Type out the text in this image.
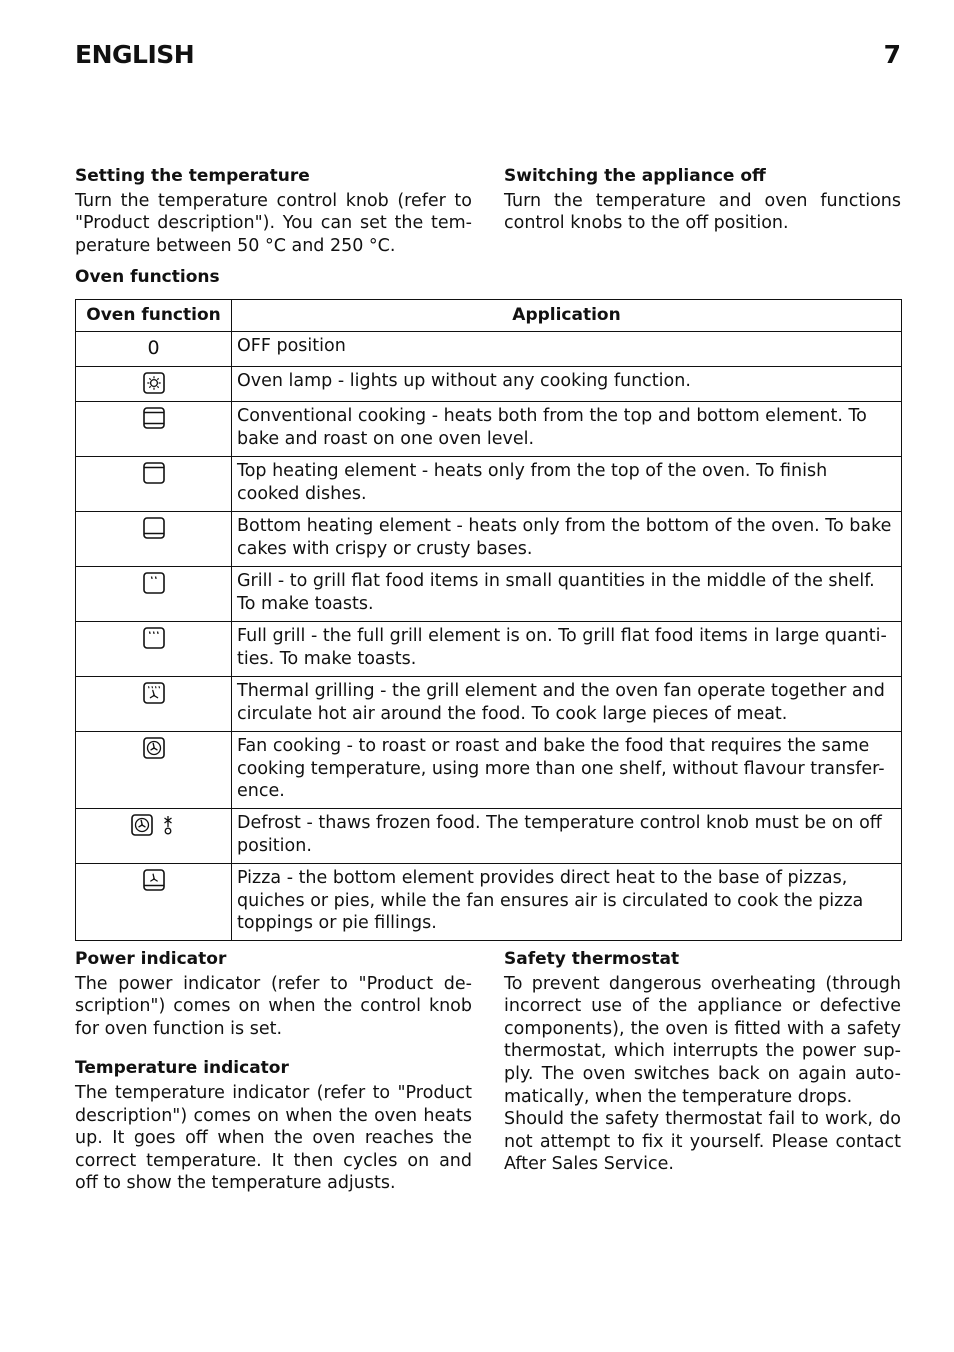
ENGLISH	7
Setting the temperature
Turn the temperature control knob (refer to "Product description"). You can set the tem-perature between 50 °C and 250 °C.
Switching the appliance off
Turn the temperature and oven functions control knobs to the off position.
Oven functions
Oven function	Application
0	OFF position
	Oven lamp - lights up without any cooking function.
	Conventional cooking - heats both from the top and bottom element. To bake and roast on one oven level.
	Top heating element - heats only from the top of the oven. To finish cooked dishes.
	Bottom heating element - heats only from the bottom of the oven. To bake cakes with crispy or crusty bases.
	Grill - to grill flat food items in small quantities in the middle of the shelf. To make toasts.
	Full grill - the full grill element is on. To grill flat food items in large quanti-ties. To make toasts.
	Thermal grilling - the grill element and the oven fan operate together and circulate hot air around the food. To cook large pieces of meat.
	Fan cooking - to roast or roast and bake the food that requires the same cooking temperature, using more than one shelf, without flavour transfer-ence.
	Defrost - thaws frozen food. The temperature control knob must be on off position.
	Pizza - the bottom element provides direct heat to the base of pizzas, quiches or pies, while the fan ensures air is circulated to cook the pizza toppings or pie fillings.
Power indicator
The power indicator (refer to "Product de-scription") comes on when the control knob for oven function is set.
Temperature indicator
The temperature indicator (refer to "Product description") comes on when the oven heats up. It goes off when the oven reaches the correct temperature. It then cycles on and off to show the temperature adjusts.
Safety thermostat
To prevent dangerous overheating (through incorrect use of the appliance or defective components), the oven is fitted with a safety thermostat, which interrupts the power sup-ply. The oven switches back on again auto-matically, when the temperature drops.
Should the safety thermostat fail to work, do not attempt to fix it yourself. Please contact After Sales Service.
